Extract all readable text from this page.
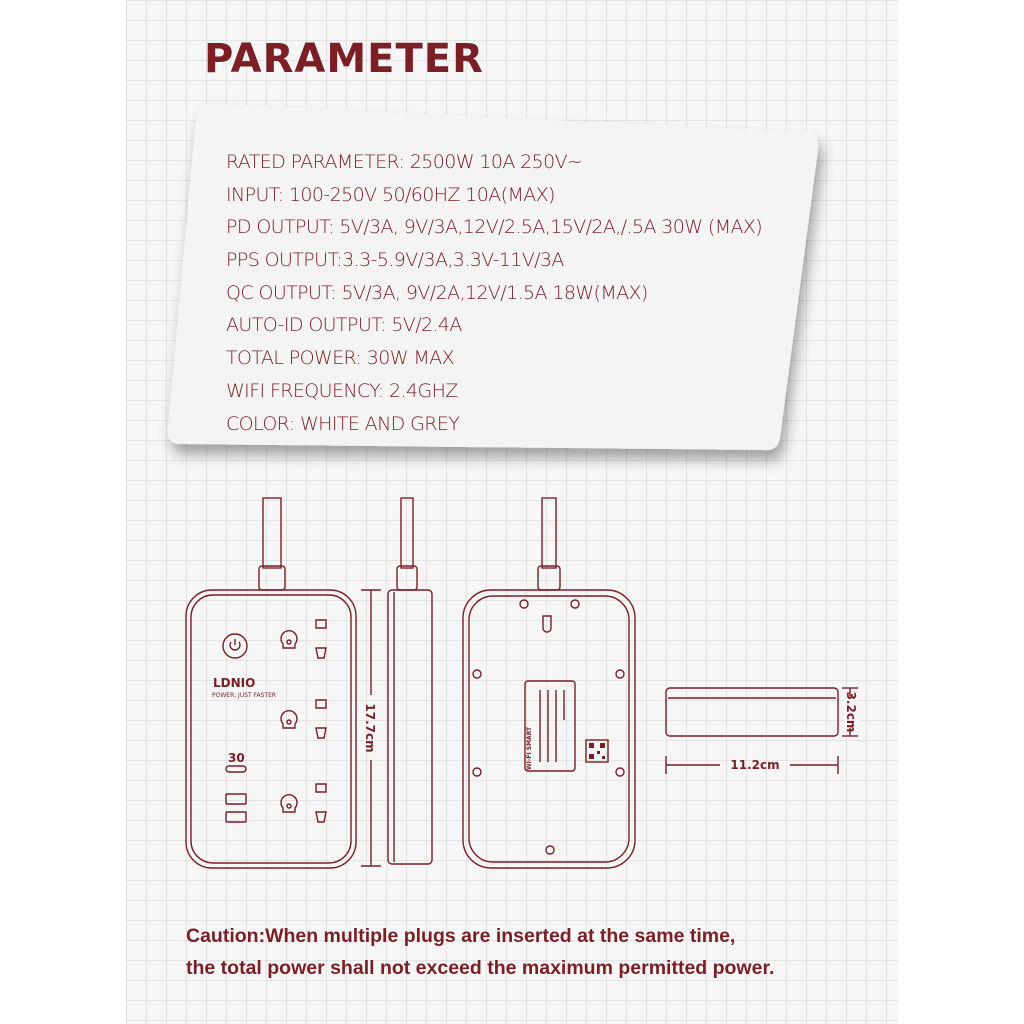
PARAMETER
RATED PARAMETER: 2500W 10A 250V~
INPUT: 100-250V 50/60HZ 10A(MAX)
PD OUTPUT: 5V/3A, 9V/3A,12V/2.5A,15V/2A,/.5A 30W (MAX)
PPS OUTPUT:3.3-5.9V/3A,3.3V-11V/3A
QC OUTPUT: 5V/3A, 9V/2A,12V/1.5A 18W(MAX)
AUTO-ID OUTPUT: 5V/2.4A
TOTAL POWER: 30W MAX
WIFI FREQUENCY: 2.4GHZ
COLOR: WHITE AND GREY
LDNIO
POWER, JUST FASTER
30
17.7cm	WI-FI SMART
3.2cm
11.2cm

Caution:When multiple plugs are inserted at the same time,
the total power shall not exceed the maximum permitted power.
